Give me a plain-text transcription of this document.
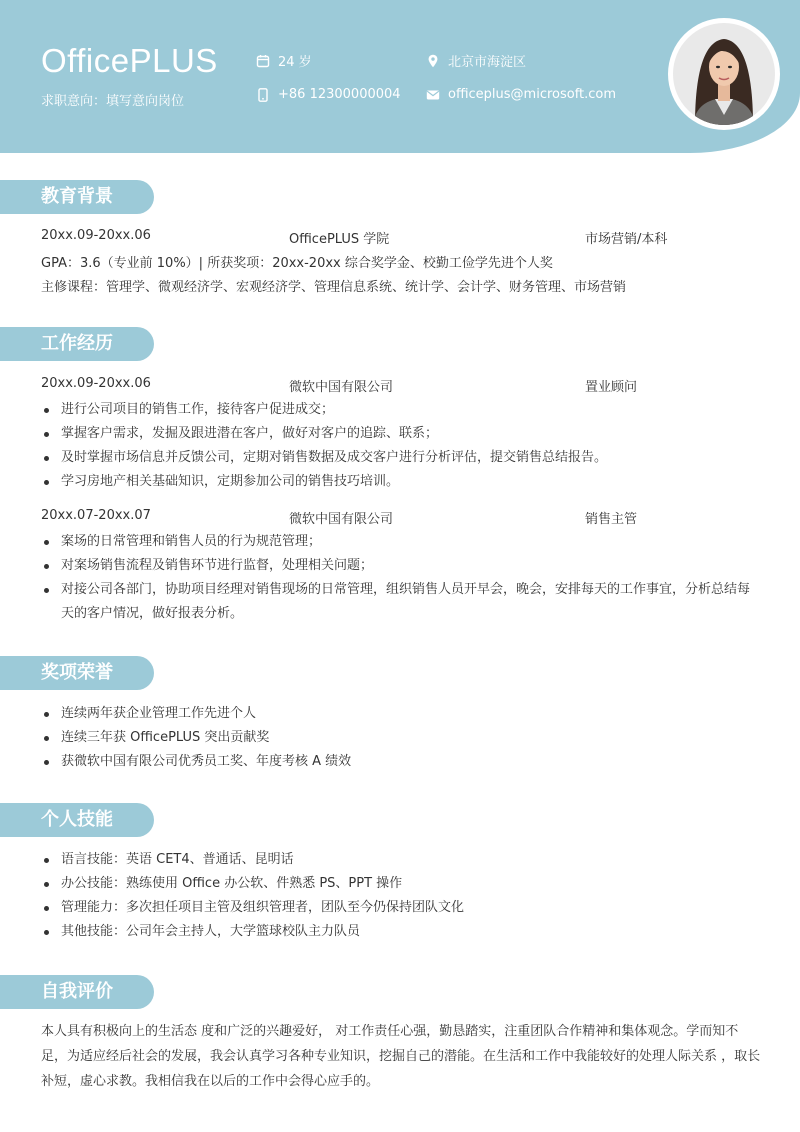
OfficePLUS
求职意向：填写意向岗位
24 岁	北京市海淀区
+86 12300000004	officeplus@microsoft.com
教育背景
20xx.09-20xx.06	OfficePLUS 学院	市场营销/本科
GPA：3.6（专业前 10%）| 所获奖项：20xx-20xx 综合奖学金、校勤工俭学先进个人奖
主修课程：管理学、微观经济学、宏观经济学、管理信息系统、统计学、会计学、财务管理、市场营销
工作经历
20xx.09-20xx.06	微软中国有限公司	置业顾问
进行公司项目的销售工作，接待客户促进成交；
掌握客户需求，发掘及跟进潜在客户，做好对客户的追踪、联系；
及时掌握市场信息并反馈公司，定期对销售数据及成交客户进行分析评估，提交销售总结报告。
学习房地产相关基础知识，定期参加公司的销售技巧培训。
20xx.07-20xx.07	微软中国有限公司	销售主管
案场的日常管理和销售人员的行为规范管理；
对案场销售流程及销售环节进行监督，处理相关问题；
对接公司各部门，协助项目经理对销售现场的日常管理，组织销售人员开早会，晚会，安排每天的工作事宜，分析总结每天的客户情况，做好报表分析。
奖项荣誉
连续两年获企业管理工作先进个人
连续三年获 OfficePLUS 突出贡献奖
获微软中国有限公司优秀员工奖、年度考核 A 绩效
个人技能
语言技能：英语 CET4、普通话、昆明话
办公技能：熟练使用 Office 办公软、件熟悉 PS、PPT 操作
管理能力：多次担任项目主管及组织管理者，团队至今仍保持团队文化
其他技能：公司年会主持人，大学篮球校队主力队员
自我评价
本人具有积极向上的生活态 度和广泛的兴趣爱好， 对工作责任心强，勤恳踏实，注重团队合作精神和集体观念。学而知不足，为适应经后社会的发展，我会认真学习各种专业知识，挖掘自己的潜能。在生活和工作中我能较好的处理人际关系 ，取长补短，虚心求教。我相信我在以后的工作中会得心应手的。
